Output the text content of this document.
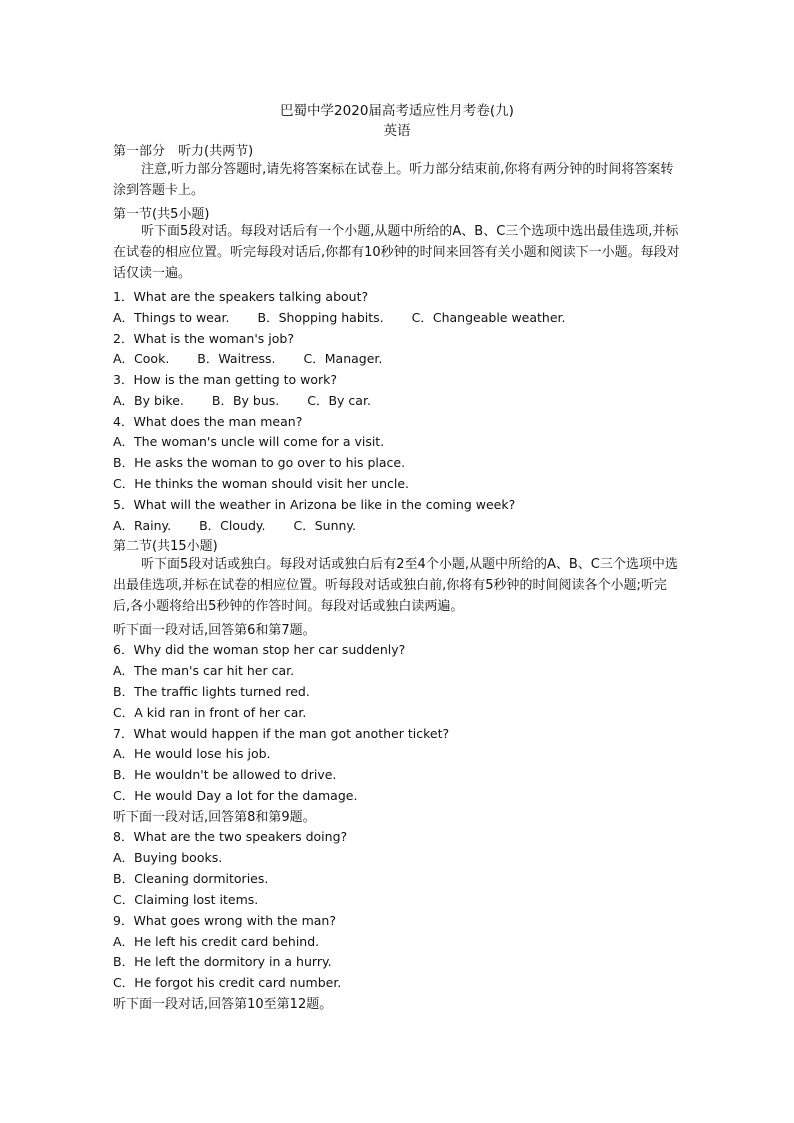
巴蜀中学2020届高考适应性月考卷(九)
英语
第一部分　听力(共两节)
注意,听力部分答题时,请先将答案标在试卷上。听力部分结束前,你将有两分钟的时间将答案转涂到答题卡上。
第一节(共5小题)
听下面5段对话。每段对话后有一个小题,从题中所给的A、B、C三个选项中选出最佳选项,并标在试卷的相应位置。听完每段对话后,你都有10秒钟的时间来回答有关小题和阅读下一小题。每段对话仅读一遍。
1．What are the speakers talking about?
A．Things to wear. B．Shopping habits. C．Changeable weather.
2．What is the woman's job?
A．Cook. B．Waitress. C．Manager.
3．How is the man getting to work?
A．By bike. B．By bus. C．By car.
4．What does the man mean?
A．The woman's uncle will come for a visit.
B．He asks the woman to go over to his place.
C．He thinks the woman should visit her uncle.
5．What will the weather in Arizona be like in the coming week?
A．Rainy. B．Cloudy. C．Sunny.
第二节(共15小题)
听下面5段对话或独白。每段对话或独白后有2至4个小题,从题中所给的A、B、C三个选项中选出最佳选项,并标在试卷的相应位置。听每段对话或独白前,你将有5秒钟的时间阅读各个小题;听完后,各小题将给出5秒钟的作答时间。每段对话或独白读两遍。
听下面一段对话,回答第6和第7题。
6．Why did the woman stop her car suddenly?
A．The man's car hit her car.
B．The traffic lights turned red.
C．A kid ran in front of her car.
7．What would happen if the man got another ticket?
A．He would lose his job.
B．He wouldn't be allowed to drive.
C．He would Day a lot for the damage.
听下面一段对话,回答第8和第9题。
8．What are the two speakers doing?
A．Buying books.
B．Cleaning dormitories.
C．Claiming lost items.
9．What goes wrong with the man?
A．He left his credit card behind.
B．He left the dormitory in a hurry.
C．He forgot his credit card number.
听下面一段对话,回答第10至第12题。
